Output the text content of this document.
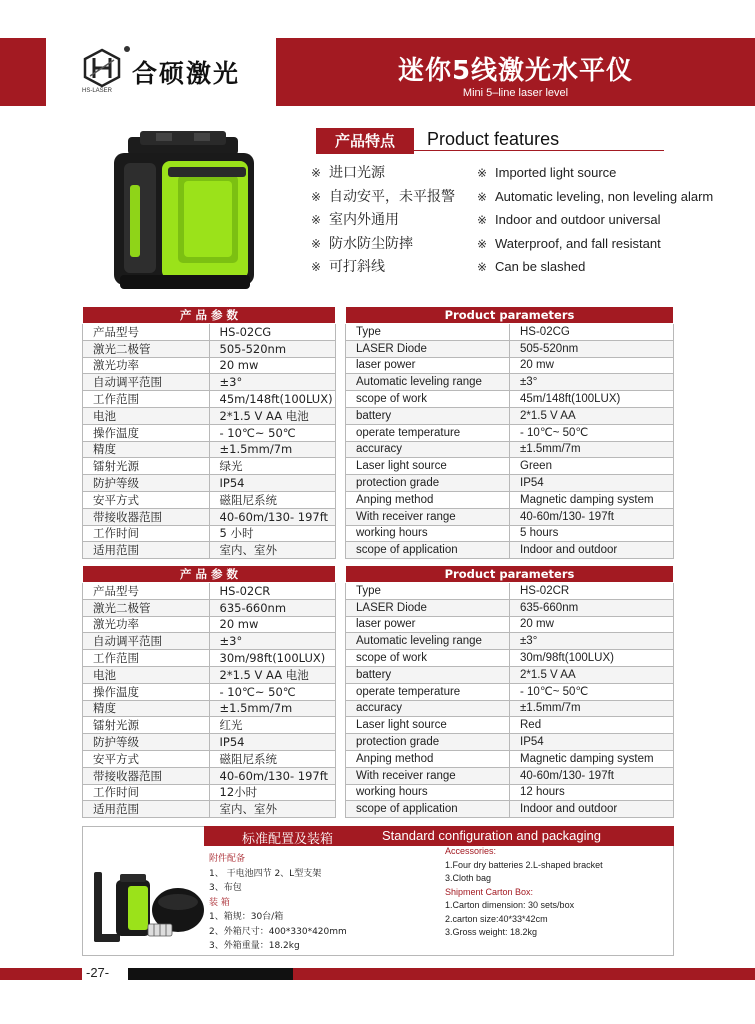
HS-LASER
合硕激光	迷你5线激光水平仪
Mini 5–line laser level
产品特点	Product features
※ 进口光源
※ 自动安平，未平报警
※ 室内外通用
※ 防水防尘防摔
※ 可打斜线
※ Imported light source
※ Automatic leveling, non leveling alarm
※ Indoor and outdoor universal
※ Waterproof, and fall resistant
※ Can be slashed
产 品 参 数	
产品型号	HS-02CG
激光二极管	505-520nm
激光功率	20 mw
自动调平范围	±3°
工作范围	45m/148ft(100LUX)
电池	2*1.5 V AA 电池
操作温度	- 10℃~ 50℃
精度	±1.5mm/7m
镭射光源	绿光
防护等级	IP54
安平方式	磁阻尼系统
带接收器范围	40-60m/130- 197ft
工作时间	5 小时
适用范围	室内、室外
Product parameters	
Type	HS-02CG
LASER Diode	505-520nm
laser power	20 mw
Automatic leveling range	±3°
scope of work	45m/148ft(100LUX)
battery	2*1.5 V AA
operate temperature	- 10℃~ 50℃
accuracy	±1.5mm/7m
Laser light source	Green
protection grade	IP54
Anping method	Magnetic damping system
With receiver range	40-60m/130- 197ft
working hours	5 hours
scope of application	Indoor and outdoor
产 品 参 数	
产品型号	HS-02CR
激光二极管	635-660nm
激光功率	20 mw
自动调平范围	±3°
工作范围	30m/98ft(100LUX)
电池	2*1.5 V AA 电池
操作温度	- 10℃~ 50℃
精度	±1.5mm/7m
镭射光源	红光
防护等级	IP54
安平方式	磁阻尼系统
带接收器范围	40-60m/130- 197ft
工作时间	12小时
适用范围	室内、室外
Product parameters	
Type	HS-02CR
LASER Diode	635-660nm
laser power	20 mw
Automatic leveling range	±3°
scope of work	30m/98ft(100LUX)
battery	2*1.5 V AA
operate temperature	- 10℃~ 50℃
accuracy	±1.5mm/7m
Laser light source	Red
protection grade	IP54
Anping method	Magnetic damping system
With receiver range	40-60m/130- 197ft
working hours	12 hours
scope of application	Indoor and outdoor
标准配置及装箱	Standard configuration and packaging
附件配备
1、 干电池四节 2、L型支架
3、布包
装 箱
1、箱规：30台/箱
2、外箱尺寸：400*330*420mm
3、外箱重量：18.2kg
Accessories:
1.Four dry batteries 2.L-shaped bracket
3.Cloth bag
Shipment Carton Box:
1.Carton dimension: 30 sets/box
2.carton size:40*33*42cm
3.Gross weight: 18.2kg
-27-
